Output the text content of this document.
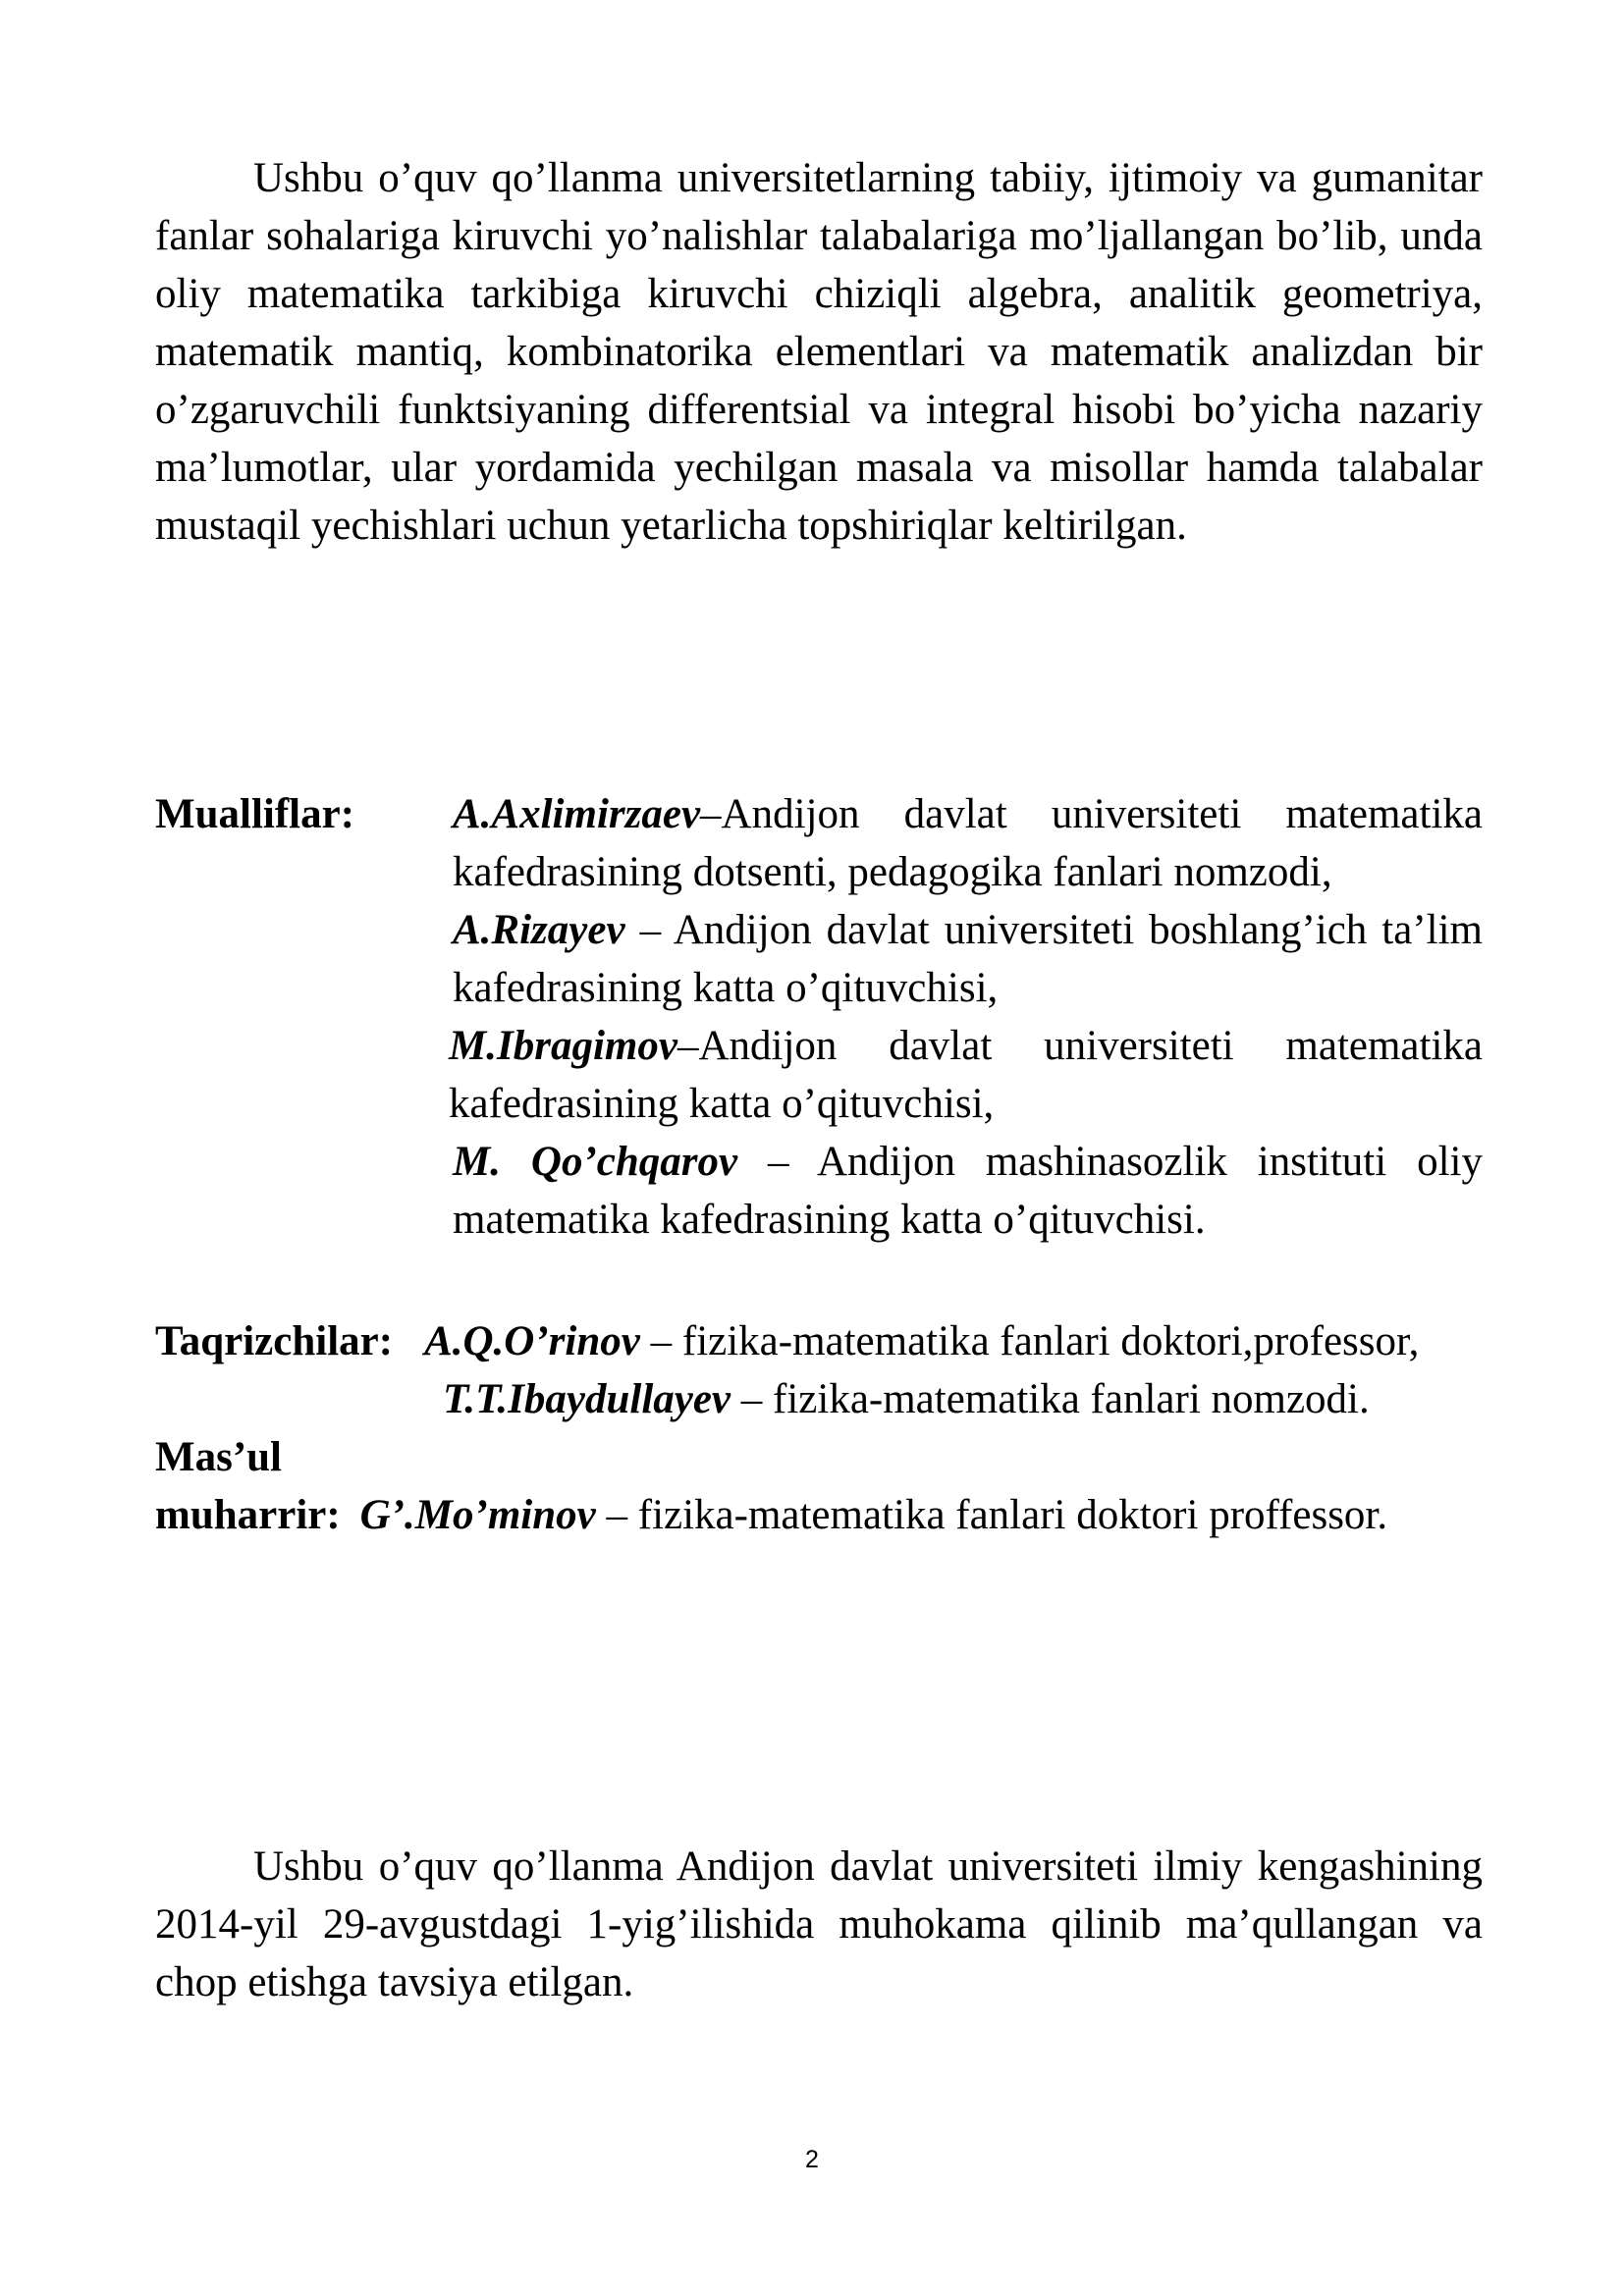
Ushbu o’quv qo’llanma universitetlarning tabiiy, ijtimoiy va gumanitar fanlar sohalariga kiruvchi yo’nalishlar talabalariga mo’ljallangan bo’lib, unda oliy matematika tarkibiga kiruvchi chiziqli algebra, analitik geometriya, matematik mantiq, kombinatorika elementlari va matematik analizdan bir o’zgaruvchili funktsiyaning differentsial va integral hisobi bo’yicha nazariy ma’lumotlar, ular yordamida yechilgan masala va misollar hamda talabalar mustaqil yechishlari uchun yetarlicha topshiriqlar keltirilgan.

Mualliflar: A.Axlimirzaev–Andijon davlat universiteti matematika kafedrasining dotsenti, pedagogika fanlari nomzodi,
A.Rizayev – Andijon davlat universiteti boshlang’ich ta’lim kafedrasining katta o’qituvchisi,
M.Ibragimov–Andijon davlat universiteti matematika kafedrasining katta o’qituvchisi,
M. Qo’chqarov – Andijon mashinasozlik instituti oliy matematika kafedrasining katta o’qituvchisi.
Taqrizchilar: A.Q.O’rinov – fizika-matematika fanlari doktori,professor,
T.T.Ibaydullayev – fizika-matematika fanlari nomzodi.
Mas’ul
muharrir: G’.Mo’minov – fizika-matematika fanlari doktori proffessor.

Ushbu o’quv qo’llanma Andijon davlat universiteti ilmiy kengashining 2014-yil 29-avgustdagi 1-yig’ilishida muhokama qilinib ma’qullangan va chop etishga tavsiya etilgan.

2
